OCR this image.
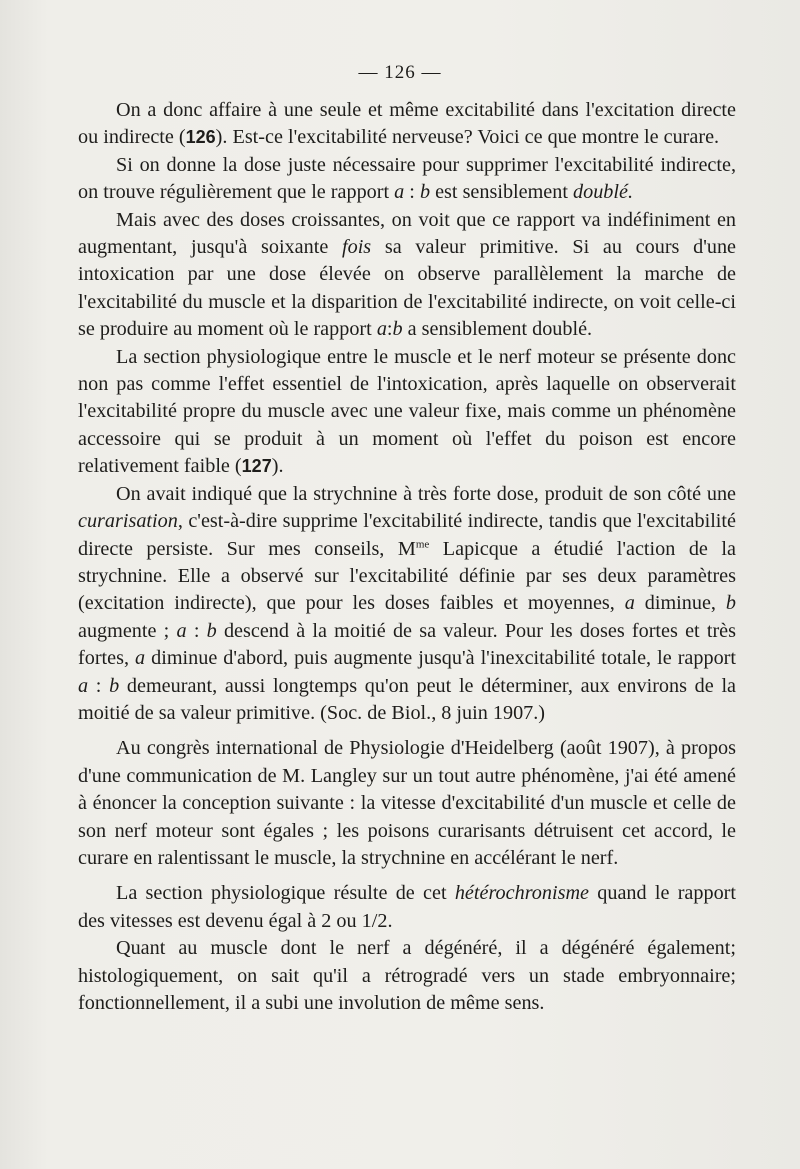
— 126 —

On a donc affaire à une seule et même excitabilité dans l'excitation directe ou indirecte (126). Est-ce l'excitabilité nerveuse? Voici ce que montre le curare.

Si on donne la dose juste nécessaire pour supprimer l'excitabilité indirecte, on trouve régulièrement que le rapport a : b est sensiblement doublé.

Mais avec des doses croissantes, on voit que ce rapport va indéfiniment en augmentant, jusqu'à soixante fois sa valeur primitive. Si au cours d'une intoxication par une dose élevée on observe parallèlement la marche de l'excitabilité du muscle et la disparition de l'excitabilité indirecte, on voit celle-ci se produire au moment où le rapport a:b a sensiblement doublé.

La section physiologique entre le muscle et le nerf moteur se présente donc non pas comme l'effet essentiel de l'intoxication, après laquelle on observerait l'excitabilité propre du muscle avec une valeur fixe, mais comme un phénomène accessoire qui se produit à un moment où l'effet du poison est encore relativement faible (127).

On avait indiqué que la strychnine à très forte dose, produit de son côté une curarisation, c'est-à-dire supprime l'excitabilité indirecte, tandis que l'excitabilité directe persiste. Sur mes conseils, $M^{me}$ Lapicque a étudié l'action de la strychnine. Elle a observé sur l'excitabilité définie par ses deux paramètres (excitation indirecte), que pour les doses faibles et moyennes, a diminue, b augmente ; a : b descend à la moitié de sa valeur. Pour les doses fortes et très fortes, a diminue d'abord, puis augmente jusqu'à l'inexcitabilité totale, le rapport a : b demeurant, aussi longtemps qu'on peut le déterminer, aux environs de la moitié de sa valeur primitive. (Soc. de Biol., 8 juin 1907.)

Au congrès international de Physiologie d'Heidelberg (août 1907), à propos d'une communication de M. Langley sur un tout autre phénomène, j'ai été amené à énoncer la conception suivante : la vitesse d'excitabilité d'un muscle et celle de son nerf moteur sont égales ; les poisons curarisants détruisent cet accord, le curare en ralentissant le muscle, la strychnine en accélérant le nerf.

La section physiologique résulte de cet hétérochronisme quand le rapport des vitesses est devenu égal à 2 ou 1/2.

Quant au muscle dont le nerf a dégénéré, il a dégénéré également; histologiquement, on sait qu'il a rétrogradé vers un stade embryonnaire; fonctionnellement, il a subi une involution de même sens.
